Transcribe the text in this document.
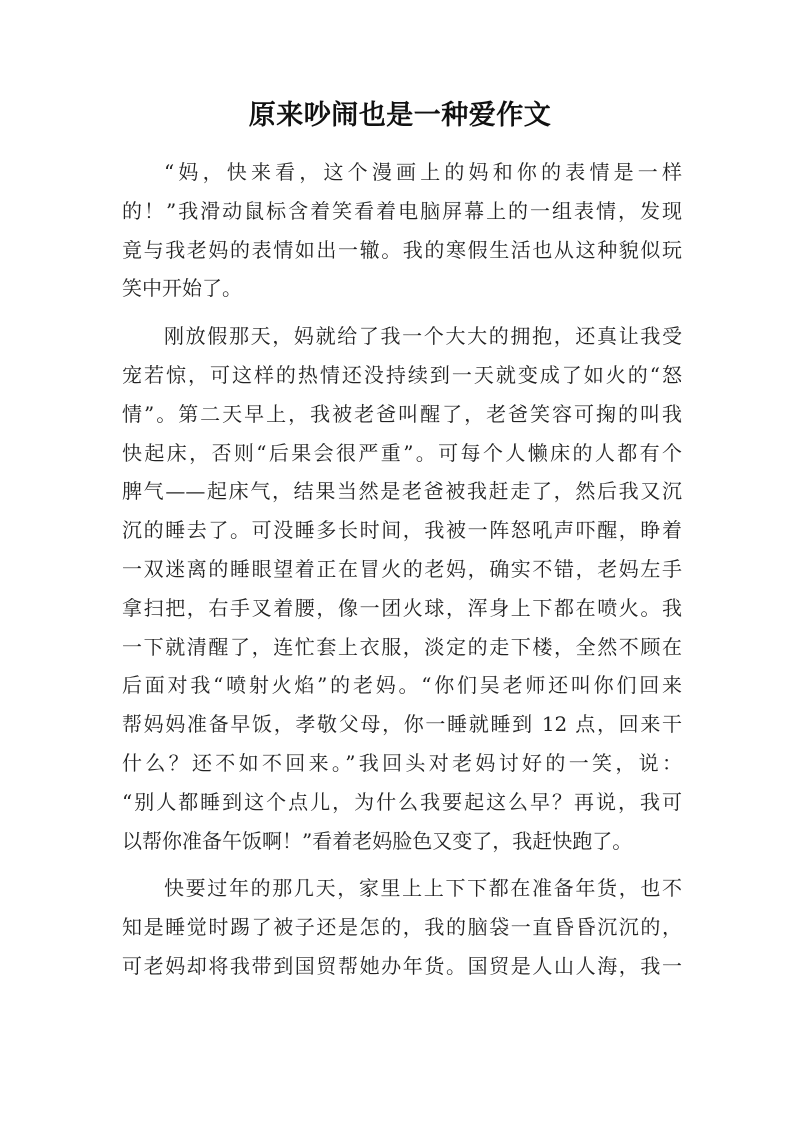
原来吵闹也是一种爱作文
“妈，快来看，这个漫画上的妈和你的表情是一样
的！”我滑动鼠标含着笑看着电脑屏幕上的一组表情，发现
竟与我老妈的表情如出一辙。我的寒假生活也从这种貌似玩
笑中开始了。
刚放假那天，妈就给了我一个大大的拥抱，还真让我受
宠若惊，可这样的热情还没持续到一天就变成了如火的“怒
情”。第二天早上，我被老爸叫醒了，老爸笑容可掬的叫我
快起床，否则“后果会很严重”。可每个人懒床的人都有个
脾气——起床气，结果当然是老爸被我赶走了，然后我又沉
沉的睡去了。可没睡多长时间，我被一阵怒吼声吓醒，睁着
一双迷离的睡眼望着正在冒火的老妈，确实不错，老妈左手
拿扫把，右手叉着腰，像一团火球，浑身上下都在喷火。我
一下就清醒了，连忙套上衣服，淡定的走下楼，全然不顾在
后面对我“喷射火焰”的老妈。“你们吴老师还叫你们回来
帮妈妈准备早饭，孝敬父母，你一睡就睡到 12 点，回来干
什么？还不如不回来。”我回头对老妈讨好的一笑，说：
“别人都睡到这个点儿，为什么我要起这么早？再说，我可
以帮你准备午饭啊！”看着老妈脸色又变了，我赶快跑了。
快要过年的那几天，家里上上下下都在准备年货，也不
知是睡觉时踢了被子还是怎的，我的脑袋一直昏昏沉沉的，
可老妈却将我带到国贸帮她办年货。国贸是人山人海，我一
